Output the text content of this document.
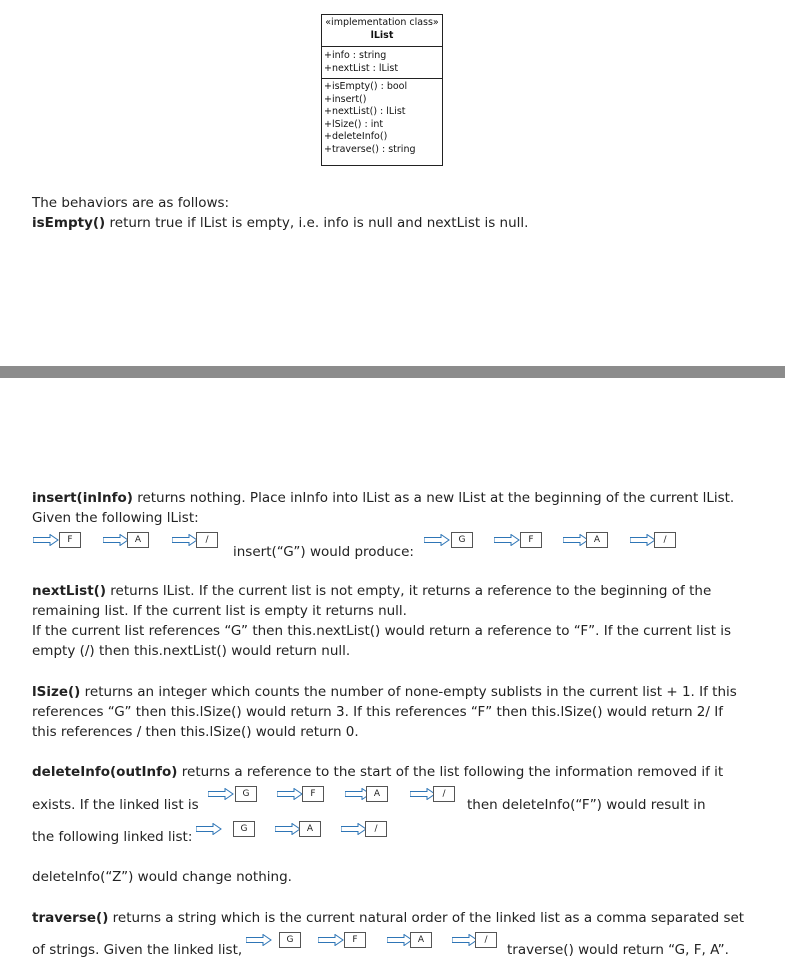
«implementation class»
lList
+info : string
+nextList : lList
+isEmpty() : bool
+insert()
+nextList() : lList
+lSize() : int
+deleteInfo()
+traverse() : string
The behaviors are as follows:
isEmpty() return true if lList is empty, i.e. info is null and nextList is null.
insert(inInfo) returns nothing. Place inInfo into lList as a new lList at the beginning of the current lList.
Given the following lList:
F	A	/
insert(“G”) would produce:
G	F	A	/
nextList() returns lList. If the current list is not empty, it returns a reference to the beginning of the
remaining list. If the current list is empty it returns null.
If the current list references “G” then this.nextList() would return a reference to “F”. If the current list is
empty (/) then this.nextList() would return null.
lSize() returns an integer which counts the number of none-empty sublists in the current list + 1. If this
references “G” then this.lSize() would return 3. If this references “F” then this.lSize() would return 2/ If
this references / then this.lSize() would return 0.
deleteInfo(outInfo) returns a reference to the start of the list following the information removed if it
exists. If the linked list is
G	F	A	/
then deleteInfo(“F”) would result in
the following linked list:	G	A	/
deleteInfo(“Z”) would change nothing.
traverse() returns a string which is the current natural order of the linked list as a comma separated set
of strings. Given the linked list,
G	F	A	/
traverse() would return “G, F, A”.
